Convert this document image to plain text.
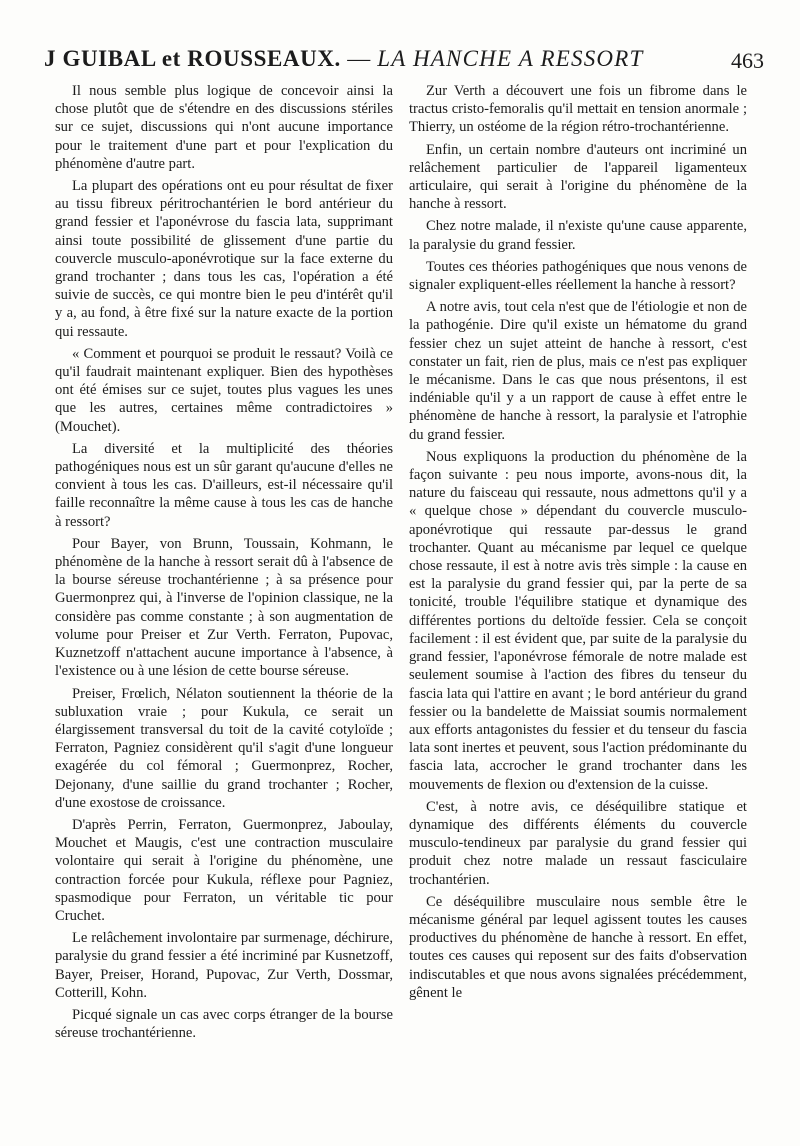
J GUIBAL et ROUSSEAUX. — LA HANCHE A RESSORT	463

Il nous semble plus logique de concevoir ainsi la chose plutôt que de s'étendre en des discussions stériles sur ce sujet, discussions qui n'ont aucune importance pour le traitement d'une part et pour l'explication du phénomène d'autre part.

La plupart des opérations ont eu pour résultat de fixer au tissu fibreux péritrochantérien le bord antérieur du grand fessier et l'aponévrose du fascia lata, supprimant ainsi toute possibilité de glissement d'une partie du couvercle musculo-aponévrotique sur la face externe du grand trochanter ; dans tous les cas, l'opération a été suivie de succès, ce qui montre bien le peu d'intérêt qu'il y a, au fond, à être fixé sur la nature exacte de la portion qui ressaute.

« Comment et pourquoi se produit le ressaut? Voilà ce qu'il faudrait maintenant expliquer. Bien des hypothèses ont été émises sur ce sujet, toutes plus vagues les unes que les autres, certaines même contradictoires » (Mouchet).

La diversité et la multiplicité des théories pathogéniques nous est un sûr garant qu'aucune d'elles ne convient à tous les cas. D'ailleurs, est-il nécessaire qu'il faille reconnaître la même cause à tous les cas de hanche à ressort?

Pour Bayer, von Brunn, Toussain, Kohmann, le phénomène de la hanche à ressort serait dû à l'absence de la bourse séreuse trochantérienne ; à sa présence pour Guermonprez qui, à l'inverse de l'opinion classique, ne la considère pas comme constante ; à son augmentation de volume pour Preiser et Zur Verth. Ferraton, Pupovac, Kuznetzoff n'attachent aucune importance à l'absence, à l'existence ou à une lésion de cette bourse séreuse.

Preiser, Frœlich, Nélaton soutiennent la théorie de la subluxation vraie ; pour Kukula, ce serait un élargissement transversal du toit de la cavité cotyloïde ; Ferraton, Pagniez considèrent qu'il s'agit d'une longueur exagérée du col fémoral ; Guermonprez, Rocher, Dejonany, d'une saillie du grand trochanter ; Rocher, d'une exostose de croissance.

D'après Perrin, Ferraton, Guermonprez, Jaboulay, Mouchet et Maugis, c'est une contraction musculaire volontaire qui serait à l'origine du phénomène, une contraction forcée pour Kukula, réflexe pour Pagniez, spasmodique pour Ferraton, un véritable tic pour Cruchet.

Le relâchement involontaire par surmenage, déchirure, paralysie du grand fessier a été incriminé par Kusnetzoff, Bayer, Preiser, Horand, Pupovac, Zur Verth, Dossmar, Cotterill, Kohn.

Picqué signale un cas avec corps étranger de la bourse séreuse trochantérienne.

Zur Verth a découvert une fois un fibrome dans le tractus cristo-femoralis qu'il mettait en tension anormale ; Thierry, un ostéome de la région rétro-trochantérienne.

Enfin, un certain nombre d'auteurs ont incriminé un relâchement particulier de l'appareil ligamenteux articulaire, qui serait à l'origine du phénomène de la hanche à ressort.

Chez notre malade, il n'existe qu'une cause apparente, la paralysie du grand fessier.

Toutes ces théories pathogéniques que nous venons de signaler expliquent-elles réellement la hanche à ressort?

A notre avis, tout cela n'est que de l'étiologie et non de la pathogénie. Dire qu'il existe un hématome du grand fessier chez un sujet atteint de hanche à ressort, c'est constater un fait, rien de plus, mais ce n'est pas expliquer le mécanisme. Dans le cas que nous présentons, il est indéniable qu'il y a un rapport de cause à effet entre le phénomène de hanche à ressort, la paralysie et l'atrophie du grand fessier.

Nous expliquons la production du phénomène de la façon suivante : peu nous importe, avons-nous dit, la nature du faisceau qui ressaute, nous admettons qu'il y a « quelque chose » dépendant du couvercle musculo-aponévrotique qui ressaute par-dessus le grand trochanter. Quant au mécanisme par lequel ce quelque chose ressaute, il est à notre avis très simple : la cause en est la paralysie du grand fessier qui, par la perte de sa tonicité, trouble l'équilibre statique et dynamique des différentes portions du deltoïde fessier. Cela se conçoit facilement : il est évident que, par suite de la paralysie du grand fessier, l'aponévrose fémorale de notre malade est seulement soumise à l'action des fibres du tenseur du fascia lata qui l'attire en avant ; le bord antérieur du grand fessier ou la bandelette de Maissiat soumis normalement aux efforts antagonistes du fessier et du tenseur du fascia lata sont inertes et peuvent, sous l'action prédominante du fascia lata, accrocher le grand trochanter dans les mouvements de flexion ou d'extension de la cuisse.

C'est, à notre avis, ce déséquilibre statique et dynamique des différents éléments du couvercle musculo-tendineux par paralysie du grand fessier qui produit chez notre malade un ressaut fasciculaire trochantérien.

Ce déséquilibre musculaire nous semble être le mécanisme général par lequel agissent toutes les causes productives du phénomène de hanche à ressort. En effet, toutes ces causes qui reposent sur des faits d'observation indiscutables et que nous avons signalées précédemment, gênent le
